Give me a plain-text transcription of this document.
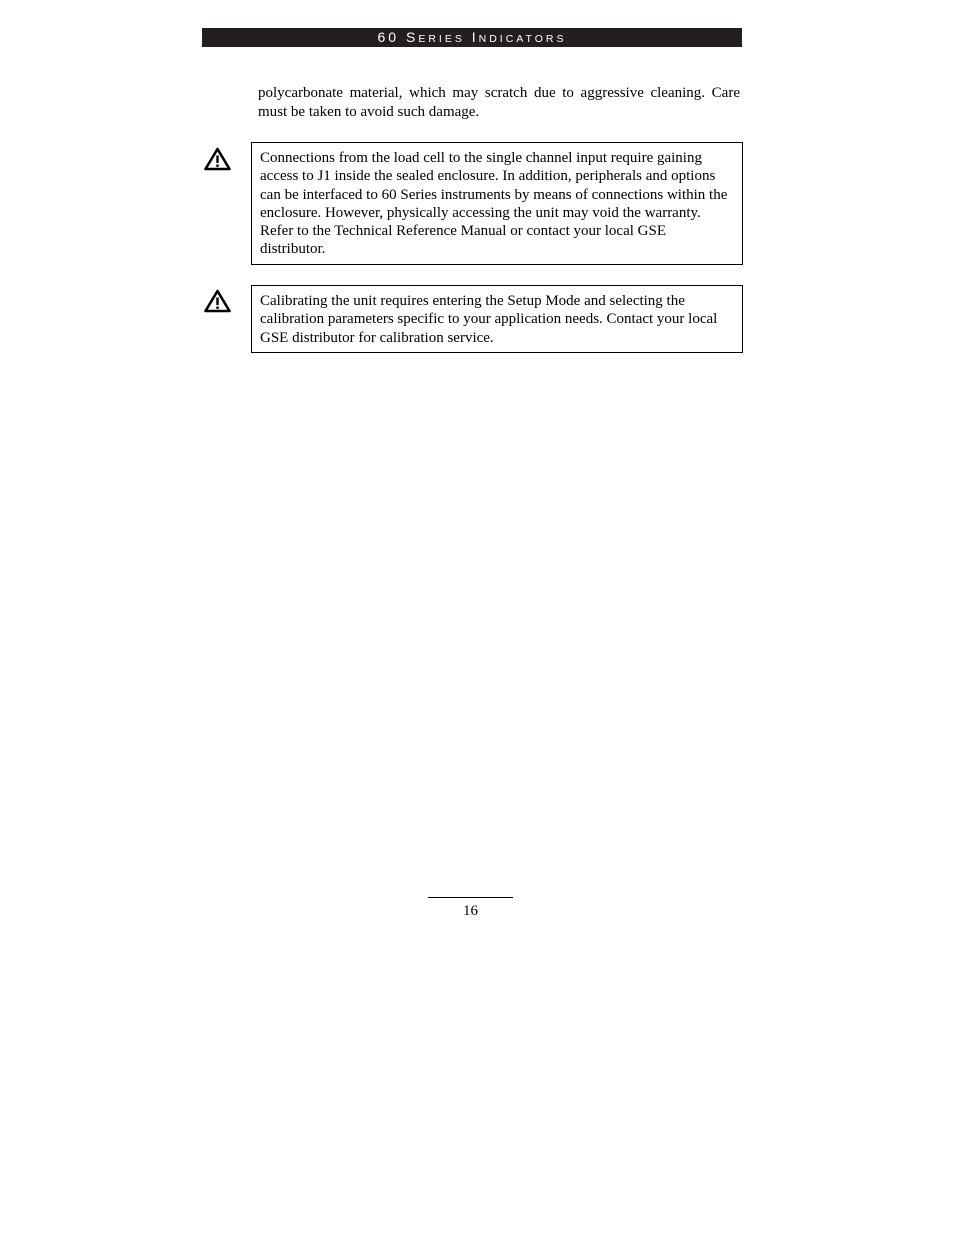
60 SERIES INDICATORS
polycarbonate material, which may scratch due to aggressive cleaning. Care must be taken to avoid such damage.
Connections from the load cell to the single channel input require gaining access to J1 inside the sealed enclosure. In addition, peripherals and options can be interfaced to 60 Series instruments by means of connections within the enclosure. However, physically accessing the unit may void the warranty. Refer to the Technical Reference Manual or contact your local GSE distributor.
Calibrating the unit requires entering the Setup Mode and selecting the calibration parameters specific to your application needs. Contact your local GSE distributor for calibration service.
16
